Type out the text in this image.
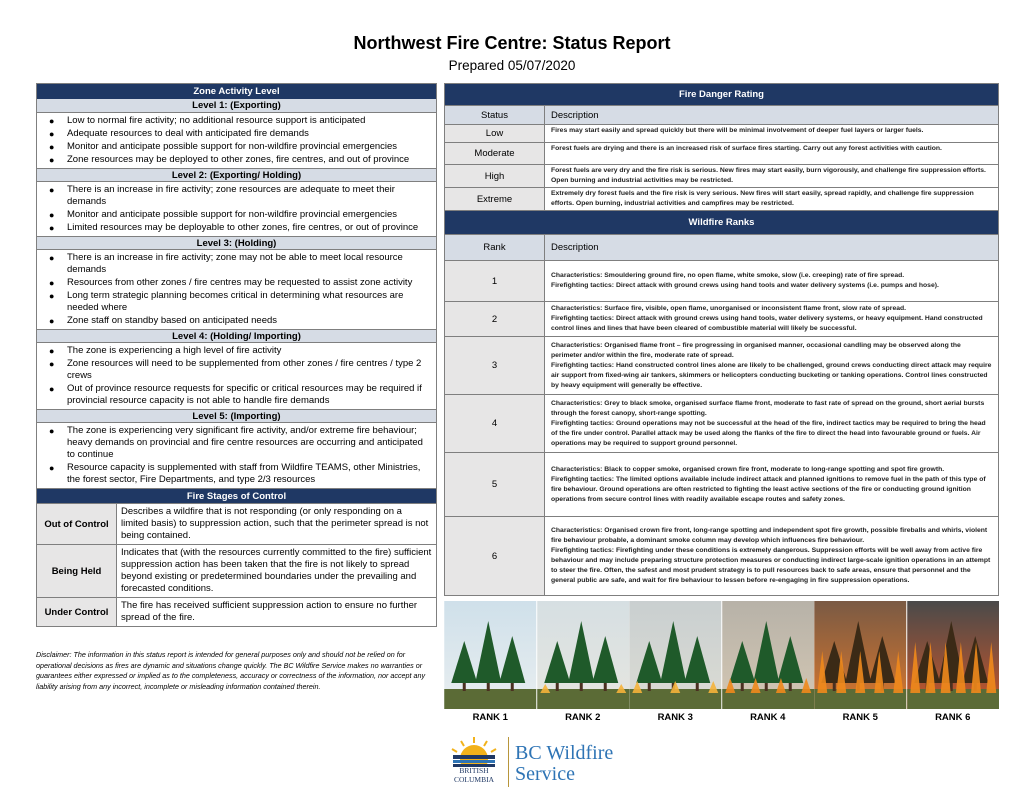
Northwest Fire Centre: Status Report
Prepared 05/07/2020
Zone Activity Level
Level 1: (Exporting)
● Low to normal fire activity; no additional resource support is anticipated
● Adequate resources to deal with anticipated fire demands
● Monitor and anticipate possible support for non-wildfire provincial emergencies
● Zone resources may be deployed to other zones, fire centres, and out of province
Level 2: (Exporting/ Holding)
● There is an increase in fire activity; zone resources are adequate to meet their demands
● Monitor and anticipate possible support for non-wildfire provincial emergencies
● Limited resources may be deployable to other zones, fire centres, or out of province
Level 3: (Holding)
● There is an increase in fire activity; zone may not be able to meet local resource demands
● Resources from other zones / fire centres may be requested to assist zone activity
● Long term strategic planning becomes critical in determining what resources are needed where
● Zone staff on standby based on anticipated needs
Level 4: (Holding/ Importing)
● The zone is experiencing a high level of fire activity
● Zone resources will need to be supplemented from other zones / fire centres / type 2 crews
● Out of province resource requests for specific or critical resources may be required if provincial resource capacity is not able to handle fire demands
Level 5: (Importing)
● The zone is experiencing very significant fire activity, and/or extreme fire behaviour; heavy demands on provincial and fire centre resources are occurring and anticipated to continue
● Resource capacity is supplemented with staff from Wildfire TEAMS, other Ministries, the forest sector, Fire Departments, and type 2/3 resources
Fire Stages of Control
Out of Control
Describes a wildfire that is not responding (or only responding on a limited basis) to suppression action, such that the perimeter spread is not being contained.
Being Held
Indicates that (with the resources currently committed to the fire) sufficient suppression action has been taken that the fire is not likely to spread beyond existing or predetermined boundaries under the prevailing and forecasted conditions.
Under Control
The fire has received sufficient suppression action to ensure no further spread of the fire.
Disclaimer: The information in this status report is intended for general purposes only and should not be relied on for operational decisions as fires are dynamic and situations change quickly. The BC Wildfire Service makes no warranties or guarantees either expressed or implied as to the completeness, accuracy or correctness of the information, nor accept any liability arising from any incorrect, incomplete or misleading information contained therein.
Fire Danger Rating
Status	Description
Low	Fires may start easily and spread quickly but there will be minimal involvement of deeper fuel layers or larger fuels.
Moderate	Forest fuels are drying and there is an increased risk of surface fires starting. Carry out any forest activities with caution.
High	Forest fuels are very dry and the fire risk is serious. New fires may start easily, burn vigorously, and challenge fire suppression efforts. Open burning and industrial activities may be restricted.
Extreme	Extremely dry forest fuels and the fire risk is very serious. New fires will start easily, spread rapidly, and challenge fire suppression efforts. Open burning, industrial activities and campfires may be restricted.
Wildfire Ranks
Rank	Description
1	Characteristics: Smouldering ground fire, no open flame, white smoke, slow (i.e. creeping) rate of fire spread.
Firefighting tactics: Direct attack with ground crews using hand tools and water delivery systems (i.e. pumps and hose).
2
Characteristics: Surface fire, visible, open flame, unorganised or inconsistent flame front, slow rate of spread.
Firefighting tactics: Direct attack with ground crews using hand tools, water delivery systems, or heavy equipment. Hand constructed control lines and lines that have been cleared of combustible material will likely be successful.
3
Characteristics: Organised flame front – fire progressing in organised manner, occasional candling may be observed along the perimeter and/or within the fire, moderate rate of spread.
Firefighting tactics: Hand constructed control lines alone are likely to be challenged, ground crews conducting direct attack may require air support from fixed-wing air tankers, skimmers or helicopters conducting bucketing or tanking operations. Control lines constructed by heavy equipment will generally be effective.
4
Characteristics: Grey to black smoke, organised surface flame front, moderate to fast rate of spread on the ground, short aerial bursts through the forest canopy, short-range spotting.
Firefighting tactics: Ground operations may not be successful at the head of the fire, indirect tactics may be required to bring the head of the fire under control. Parallel attack may be used along the flanks of the fire to direct the head into favourable ground or fuels. Air operations may be required to support ground personnel.
5
Characteristics: Black to copper smoke, organised crown fire front, moderate to long-range spotting and spot fire growth.
Firefighting tactics: The limited options available include indirect attack and planned ignitions to remove fuel in the path of this type of fire behaviour. Ground operations are often restricted to fighting the least active sections of the fire or conducting ground ignition operations from secure control lines with readily available escape routes and safety zones.
6
Characteristics: Organised crown fire front, long-range spotting and independent spot fire growth, possible fireballs and whirls, violent fire behaviour probable, a dominant smoke column may develop which influences fire behaviour.
Firefighting tactics: Firefighting under these conditions is extremely dangerous. Suppression efforts will be well away from active fire behaviour and may include preparing structure protection measures or conducting indirect large-scale ignition operations in an attempt to steer the fire. Often, the safest and most prudent strategy is to pull resources back to safe areas, ensure that personnel and the general public are safe, and wait for fire behaviour to lessen before re-engaging in fire suppression operations.
RANK 1	RANK 2	RANK 3	RANK 4	RANK 5	RANK 6
BRITISH
COLUMBIA
BC Wildfire
Service
